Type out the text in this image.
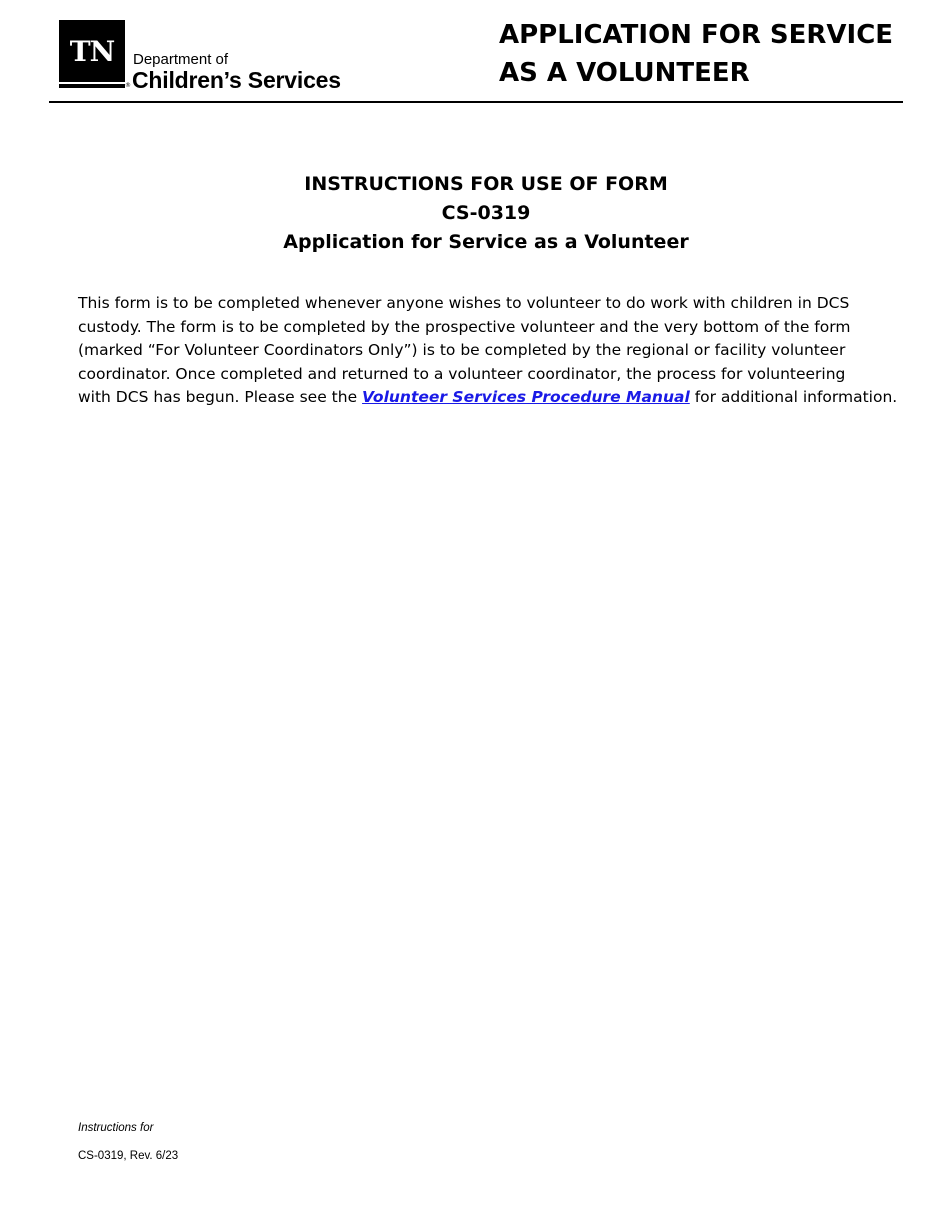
TN
®
Department of
Children’s Services
APPLICATION FOR SERVICE
AS A VOLUNTEER
INSTRUCTIONS FOR USE OF FORM
CS-0319
Application for Service as a Volunteer
This form is to be completed whenever anyone wishes to volunteer to do work with children in DCS
custody. The form is to be completed by the prospective volunteer and the very bottom of the form
(marked “For Volunteer Coordinators Only”) is to be completed by the regional or facility volunteer
coordinator. Once completed and returned to a volunteer coordinator, the process for volunteering
with DCS has begun. Please see the Volunteer Services Procedure Manual for additional information.
Instructions for
CS-0319, Rev. 6/23
